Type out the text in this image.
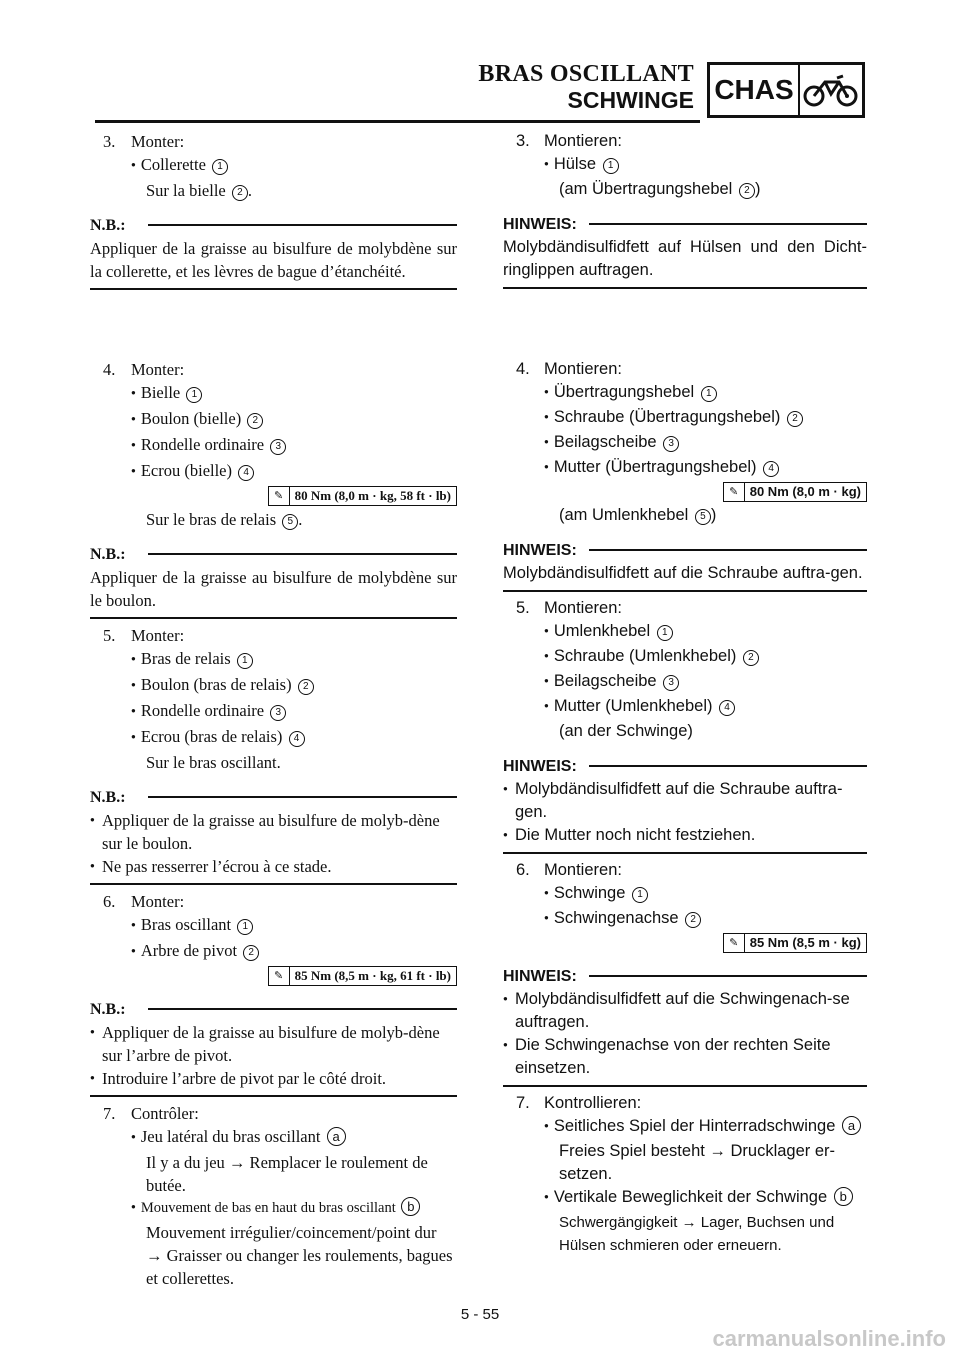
BRAS OSCILLANT
SCHWINGE CHAS
3. Monter:
● Collerette 1
Sur la bielle 2 .
N.B.:
Appliquer de la graisse au bisulfure de molybdène sur la collerette, et les lèvres de bague d’étanchéité.
4. Monter:
● Bielle 1
● Boulon (bielle) 2
● Rondelle ordinaire 3
● Ecrou (bielle) 4
✎ 80 Nm (8,0 m · kg, 58 ft · lb)
Sur le bras de relais 5 .
N.B.:
Appliquer de la graisse au bisulfure de molybdène sur le boulon.
5. Monter:
● Bras de relais 1
● Boulon (bras de relais) 2
● Rondelle ordinaire 3
● Ecrou (bras de relais) 4
Sur le bras oscillant.
N.B.:
● Appliquer de la graisse au bisulfure de molyb-dène sur le boulon.
● Ne pas resserrer l’écrou à ce stade.
6. Monter:
● Bras oscillant 1
● Arbre de pivot 2
✎ 85 Nm (8,5 m · kg, 61 ft · lb)
N.B.:
● Appliquer de la graisse au bisulfure de molyb-dène sur l’arbre de pivot.
● Introduire l’arbre de pivot par le côté droit.
7. Contrôler:
● Jeu latéral du bras oscillant a
Il y a du jeu → Remplacer le roulement de butée.
● Mouvement de bas en haut du bras oscillant b
Mouvement irrégulier/coincement/point dur → Graisser ou changer les roulements, bagues et collerettes.
3. Montieren:
● Hülse 1
(am Übertragungshebel 2 )
HINWEIS:
Molybdändisulfidfett auf Hülsen und den Dicht-ringlippen auftragen.
4. Montieren:
● Übertragungshebel 1
● Schraube (Übertragungshebel) 2
● Beilagscheibe 3
● Mutter (Übertragungshebel) 4
✎ 80 Nm (8,0 m · kg)
(am Umlenkhebel 5 )
HINWEIS:
Molybdändisulfidfett auf die Schraube auftra-gen.
5. Montieren:
● Umlenkhebel 1
● Schraube (Umlenkhebel) 2
● Beilagscheibe 3
● Mutter (Umlenkhebel) 4
(an der Schwinge)
HINWEIS:
● Molybdändisulfidfett auf die Schraube auftra-gen.
● Die Mutter noch nicht festziehen.
6. Montieren:
● Schwinge 1
● Schwingenachse 2
✎ 85 Nm (8,5 m · kg)
HINWEIS:
● Molybdändisulfidfett auf die Schwingenach-se auftragen.
● Die Schwingenachse von der rechten Seite einsetzen.
7. Kontrollieren:
● Seitliches Spiel der Hinterradschwinge a
Freies Spiel besteht → Drucklager er-setzen.
● Vertikale Beweglichkeit der Schwinge b
Schwergängigkeit → Lager, Buchsen und Hülsen schmieren oder erneuern.
5 - 55
carmanualsonline.info
